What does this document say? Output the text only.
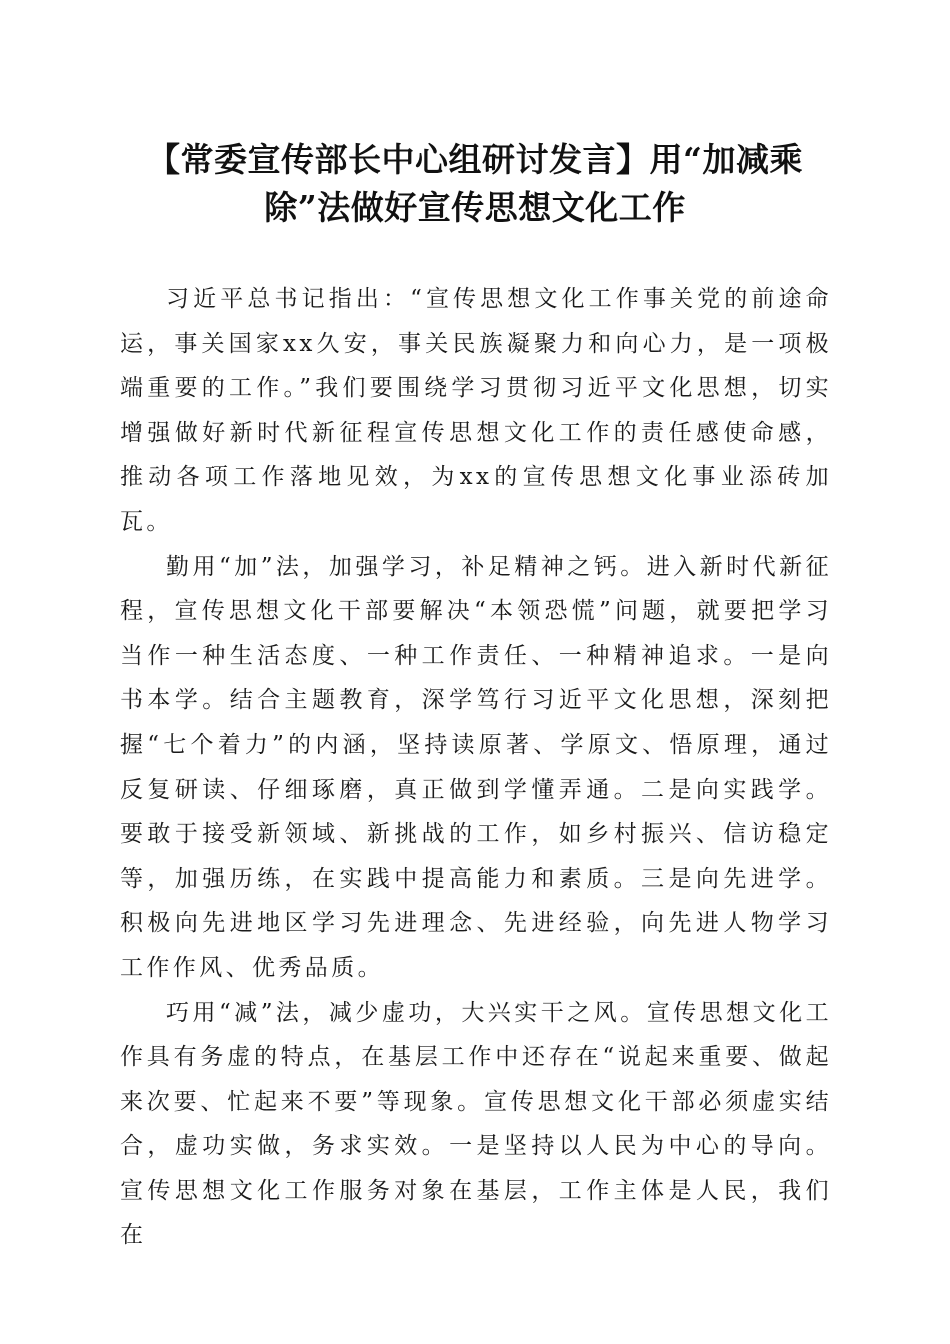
【常委宣传部长中心组研讨发言】用“加减乘除”法做好宣传思想文化工作

习近平总书记指出：“宣传思想文化工作事关党的前途命运，事关国家xx久安，事关民族凝聚力和向心力，是一项极端重要的工作。”我们要围绕学习贯彻习近平文化思想，切实增强做好新时代新征程宣传思想文化工作的责任感使命感，推动各项工作落地见效，为xx的宣传思想文化事业添砖加瓦。

勤用“加”法，加强学习，补足精神之钙。进入新时代新征程，宣传思想文化干部要解决“本领恐慌”问题，就要把学习当作一种生活态度、一种工作责任、一种精神追求。一是向书本学。结合主题教育，深学笃行习近平文化思想，深刻把握“七个着力”的内涵，坚持读原著、学原文、悟原理，通过反复研读、仔细琢磨，真正做到学懂弄通。二是向实践学。要敢于接受新领域、新挑战的工作，如乡村振兴、信访稳定等，加强历练，在实践中提高能力和素质。三是向先进学。积极向先进地区学习先进理念、先进经验，向先进人物学习工作作风、优秀品质。

巧用“减”法，减少虚功，大兴实干之风。宣传思想文化工作具有务虚的特点，在基层工作中还存在“说起来重要、做起来次要、忙起来不要”等现象。宣传思想文化干部必须虚实结合，虚功实做，务求实效。一是坚持以人民为中心的导向。宣传思想文化工作服务对象在基层，工作主体是人民，我们在
